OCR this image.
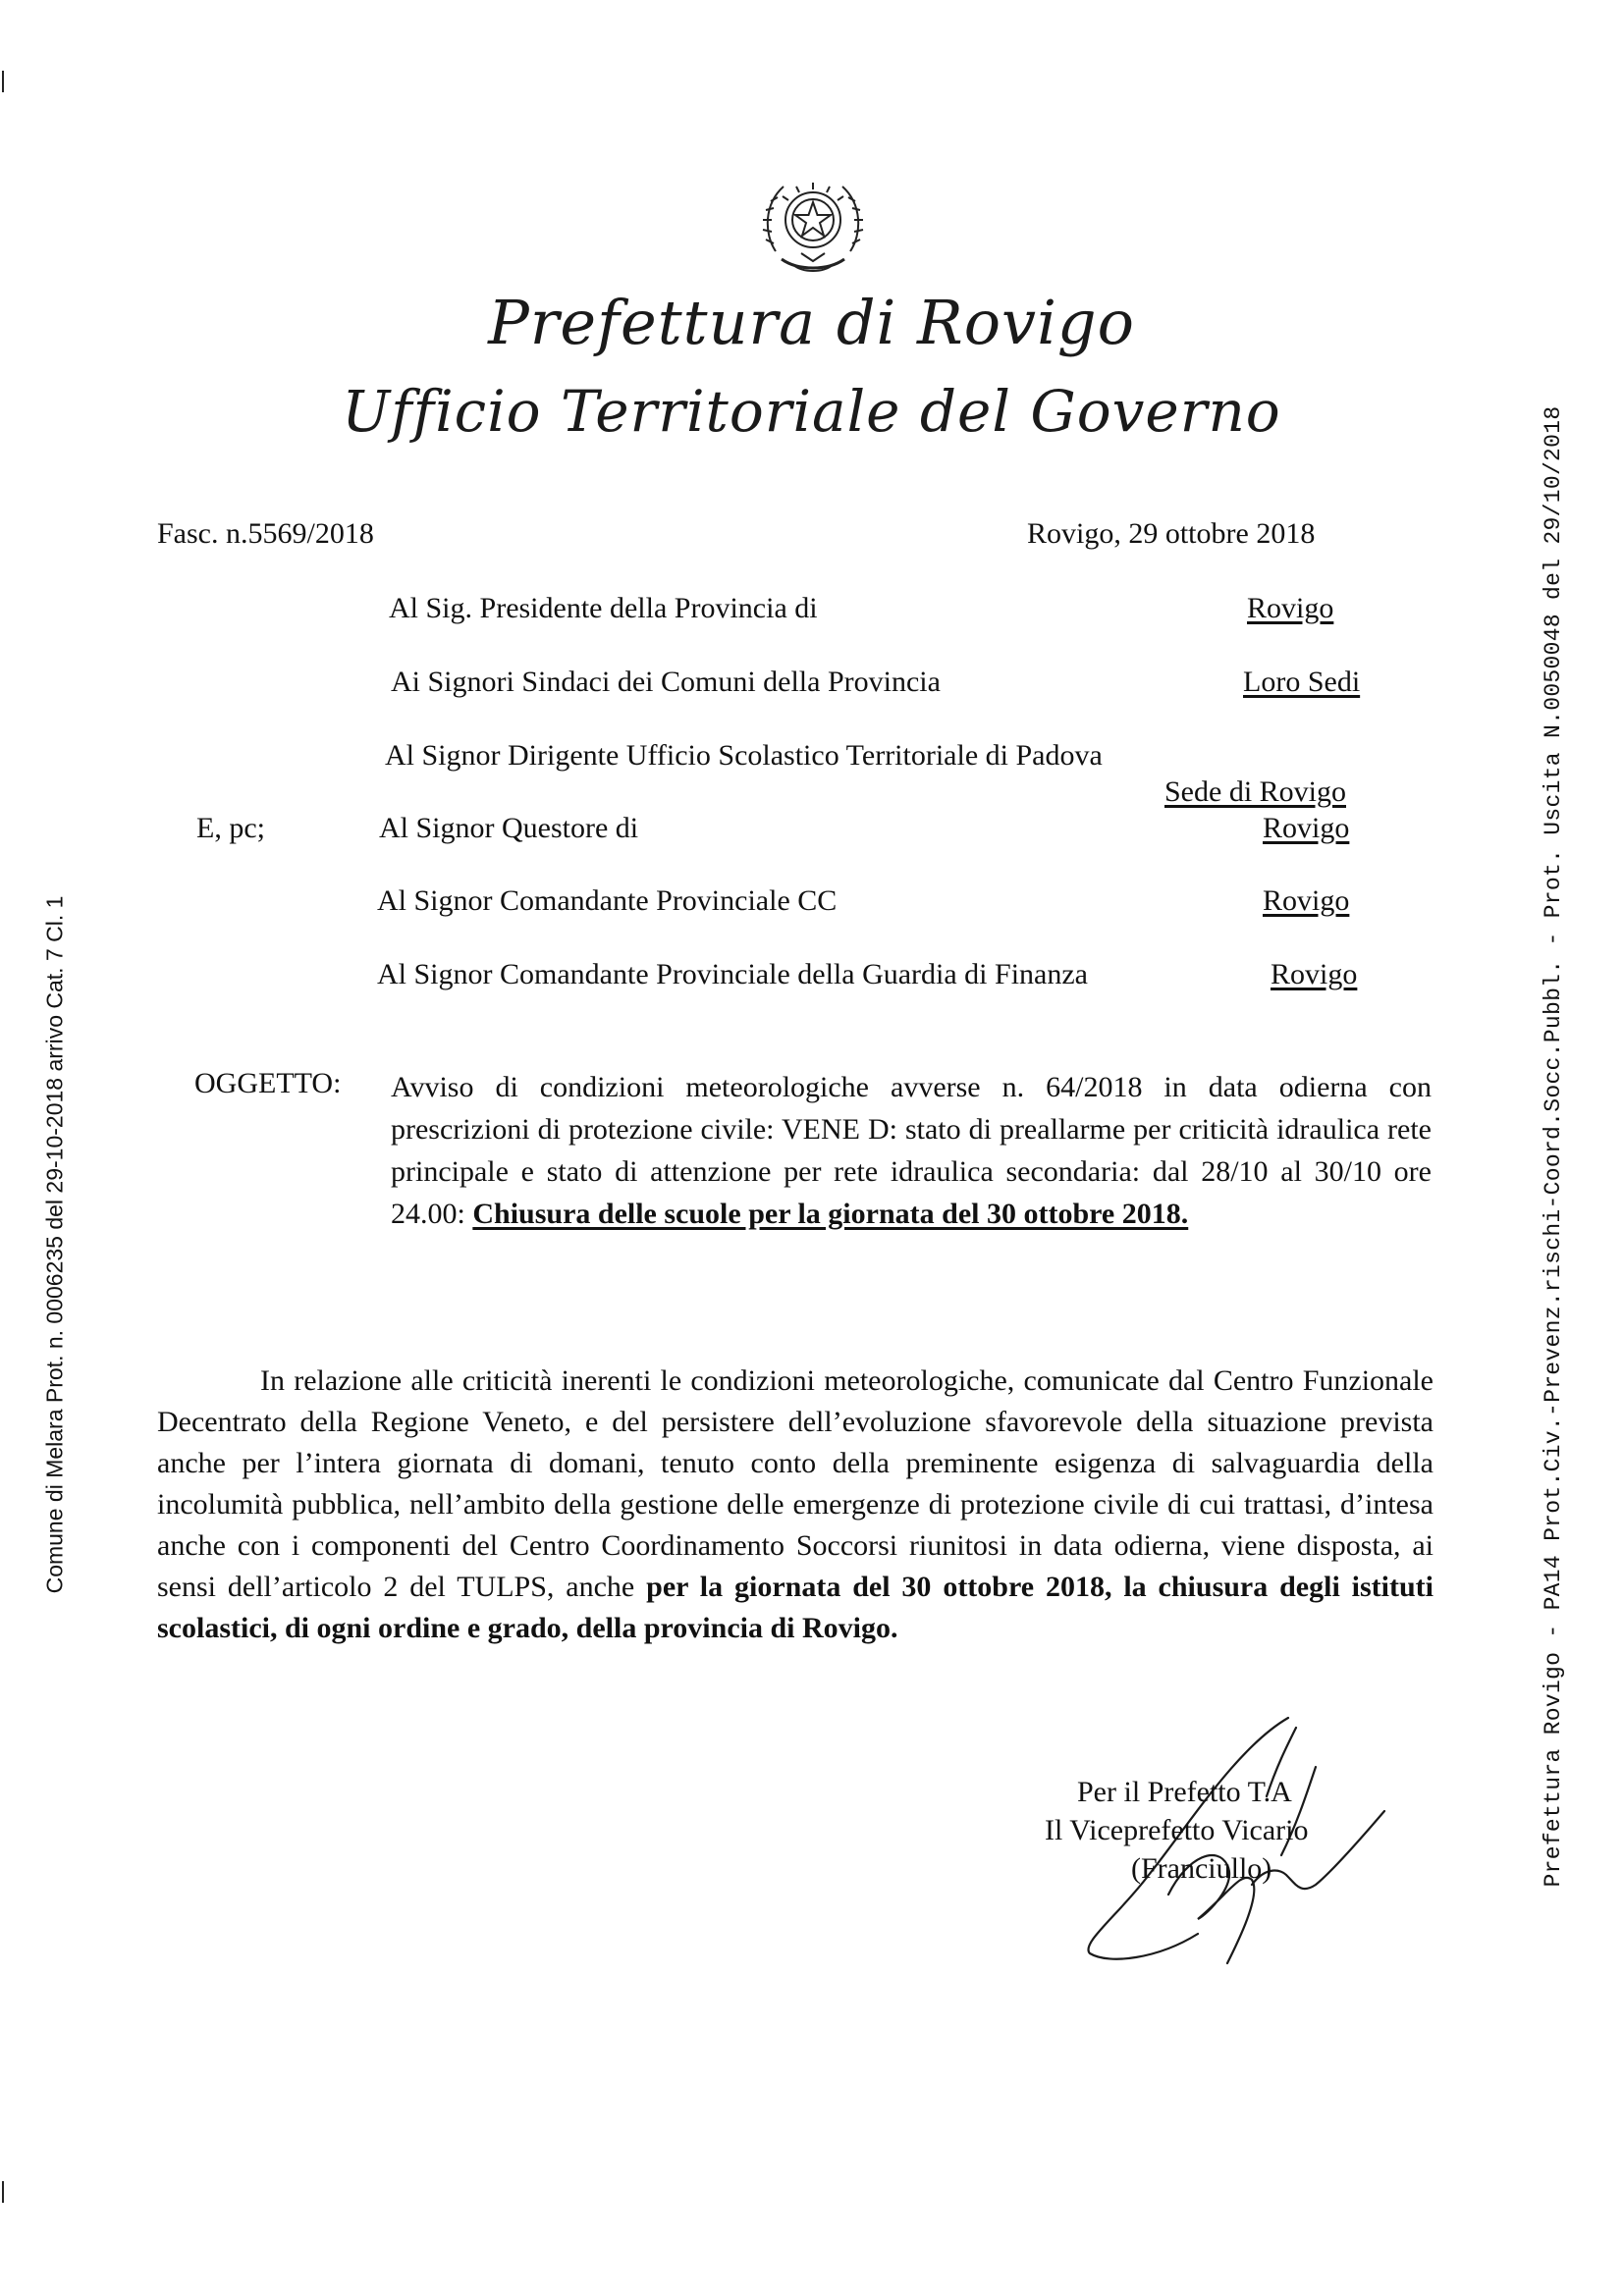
Prefettura di Rovigo
Ufficio Territoriale del Governo
Fasc. n.5569/2018	Rovigo, 29 ottobre 2018
Al Sig. Presidente della Provincia di	Rovigo
Ai Signori Sindaci dei Comuni della Provincia	Loro Sedi
Al Signor Dirigente Ufficio Scolastico Territoriale di Padova
Sede di Rovigo
E, pc;	Al Signor Questore di	Rovigo
Al Signor Comandante Provinciale CC	Rovigo
Al Signor Comandante Provinciale della Guardia di Finanza	Rovigo
OGGETTO: Avviso di condizioni meteorologiche avverse n. 64/2018 in data odierna con prescrizioni di protezione civile: VENE D: stato di preallarme per criticità idraulica rete principale e stato di attenzione per rete idraulica secondaria: dal 28/10 al 30/10 ore 24.00: Chiusura delle scuole per la giornata del 30 ottobre 2018.
In relazione alle criticità inerenti le condizioni meteorologiche, comunicate dal Centro Funzionale Decentrato della Regione Veneto, e del persistere dell’evoluzione sfavorevole della situazione prevista anche per l’intera giornata di domani, tenuto conto della preminente esigenza di salvaguardia della incolumità pubblica, nell’ambito della gestione delle emergenze di protezione civile di cui trattasi, d’intesa anche con i componenti del Centro Coordinamento Soccorsi riunitosi in data odierna, viene disposta, ai sensi dell’articolo 2 del TULPS, anche per la giornata del 30 ottobre 2018, la chiusura degli istituti scolastici, di ogni ordine e grado, della provincia di Rovigo.
Per il Prefetto T.A
Il Viceprefetto Vicario
(Franciullo)
Comune di Melara Prot. n. 0006235 del 29-10-2018 arrivo Cat. 7 Cl. 1	Prefettura Rovigo - PA14 Prot.Civ.-Prevenz.rischi-Coord.Socc.Pubbl. - Prot. Uscita N.0050048 del 29/10/2018
